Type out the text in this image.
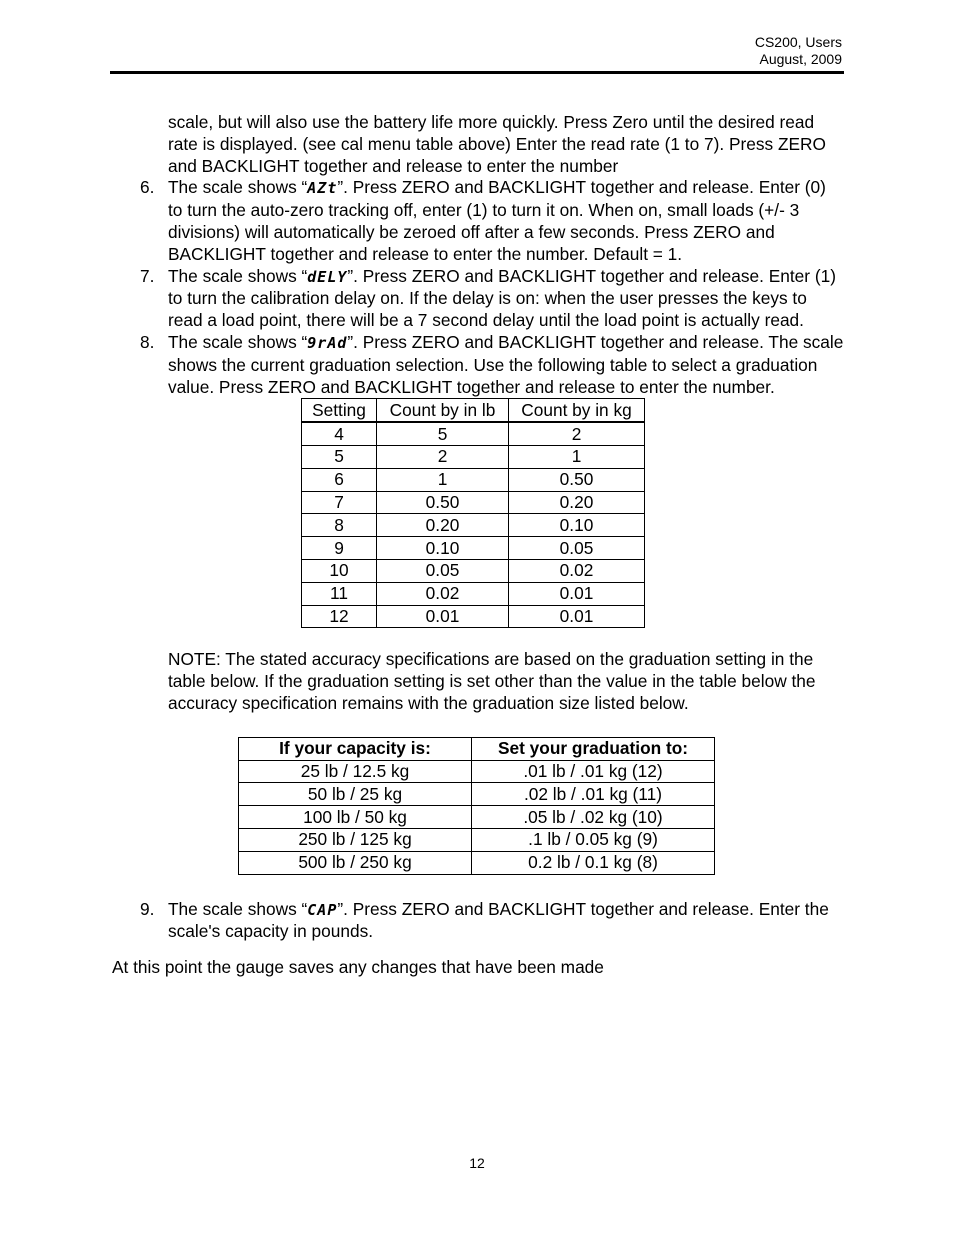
CS200, Users
August, 2009

scale, but will also use the battery life more quickly. Press Zero until the desired read rate is displayed. (see cal menu table above) Enter the read rate (1 to 7). Press ZERO and BACKLIGHT together and release to enter the number

6. The scale shows “AZt”. Press ZERO and BACKLIGHT together and release. Enter (0) to turn the auto-zero tracking off, enter (1) to turn it on. When on, small loads (+/- 3 divisions) will automatically be zeroed off after a few seconds. Press ZERO and BACKLIGHT together and release to enter the number. Default = 1.
7. The scale shows “dELY”. Press ZERO and BACKLIGHT together and release. Enter (1) to turn the calibration delay on. If the delay is on: when the user presses the keys to read a load point, there will be a 7 second delay until the load point is actually read.
8. The scale shows “9rAd”. Press ZERO and BACKLIGHT together and release. The scale shows the current graduation selection. Use the following table to select a graduation value. Press ZERO and BACKLIGHT together and release to enter the number.
Setting	Count by in lb	Count by in kg
4	5	2
5	2	1
6	1	0.50
7	0.50	0.20
8	0.20	0.10
9	0.10	0.05
10	0.05	0.02
11	0.02	0.01
12	0.01	0.01

NOTE: The stated accuracy specifications are based on the graduation setting in the table below. If the graduation setting is set other than the value in the table below the accuracy specification remains with the graduation size listed below.

If your capacity is:	Set your graduation to:
25 lb / 12.5 kg	.01 lb / .01 kg (12)
50 lb / 25 kg	.02 lb / .01 kg (11)
100 lb / 50 kg	.05 lb / .02 kg (10)
250 lb / 125 kg	.1 lb / 0.05 kg (9)
500 lb / 250 kg	0.2 lb / 0.1 kg (8)
9. The scale shows “CAP”. Press ZERO and BACKLIGHT together and release. Enter the scale's capacity in pounds.

At this point the gauge saves any changes that have been made

12
